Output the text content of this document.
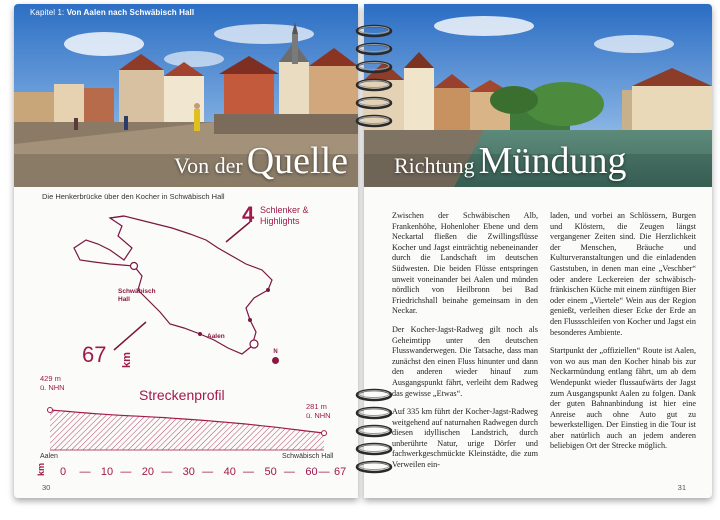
Kapitel 1: Von Aalen nach Schwäbisch Hall
Von der Quelle
Die Henkerbrücke über den Kocher in Schwäbisch Hall
4 Schlenker &
Highlights
Schwäbisch
Hall
Aalen
N
67 km
Streckenprofil
429 m
ü. NHN
281 m
ü. NHN
Aalen	Schwäbisch Hall
km 0 — 10 — 20 — 30 — 40 — 50 — 60 — 67
30
Richtung Mündung

Zwischen der Schwäbischen Alb, Frankenhöhe, Hohenloher Ebene und dem Neckartal fließen die Zwillingsflüsse Kocher und Jagst einträchtig nebeneinander durch die Landschaft im deutschen Südwesten. Die beiden Flüsse entspringen unweit voneinander bei Aalen und münden nördlich von Heilbronn bei Bad Friedrichshall beinahe gemeinsam in den Neckar.

Der Kocher-Jagst-Radweg gilt noch als Geheimtipp unter den deutschen Flusswanderwegen. Die Tatsache, dass man zunächst den einen Fluss hinunter und dann den anderen wieder hinauf zum Ausgangspunkt fährt, verleiht dem Radweg das gewisse „Etwas“.

Auf 335 km führt der Kocher-Jagst-Radweg weitgehend auf naturnahen Radwegen durch diesen idyllischen Landstrich, durch unberührte Natur, urige Dörfer und fachwerkgeschmückte Kleinstädte, die zum Verweilen ein-

laden, und vorbei an Schlössern, Burgen und Klöstern, die Zeugen längst vergangener Zeiten sind. Die Herzlichkeit der Menschen, Bräuche und Kulturveranstaltungen und die einladenden Gaststuben, in denen man eine „Veschber“ oder andere Leckereien der schwäbisch-fränkischen Küche mit einem zünftigen Bier oder einem „Viertele“ Wein aus der Region genießt, verleihen dieser Ecke der Erde an den Flussschleifen von Kocher und Jagst ein besonderes Ambiente.

Startpunkt der „offiziellen“ Route ist Aalen, von wo aus man den Kocher hinab bis zur Neckarmündung entlang fährt, um ab dem Wendepunkt wieder flussaufwärts der Jagst zum Ausgangspunkt Aalen zu folgen. Dank der guten Bahnanbindung ist hier eine Anreise auch ohne Auto gut zu bewerkstelligen. Der Einstieg in die Tour ist aber natürlich auch an jedem anderen beliebigen Ort der Strecke möglich.

31
